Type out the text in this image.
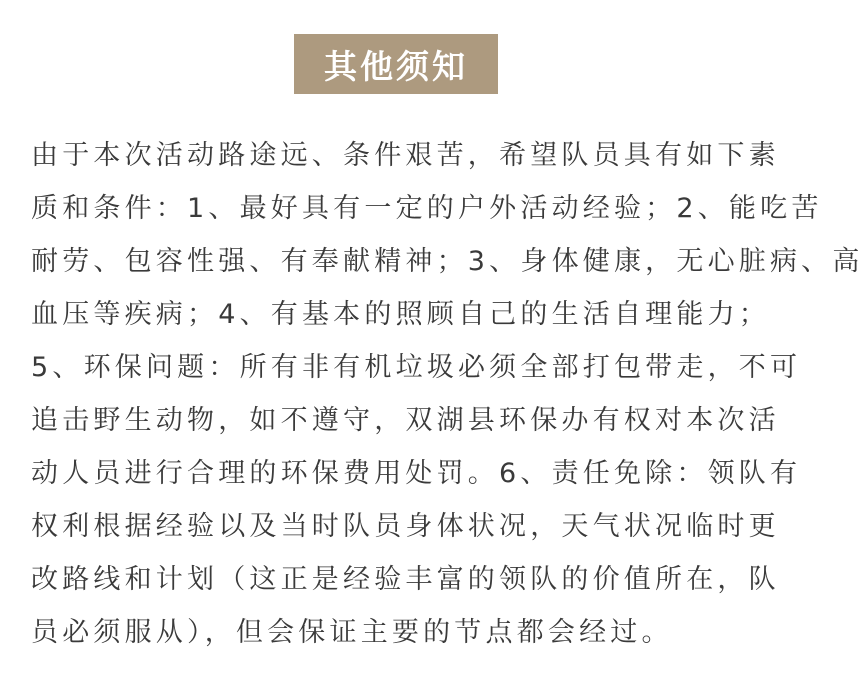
其他须知
由于本次活动路途远、条件艰苦，希望队员具有如下素
质和条件：1、最好具有一定的户外活动经验；2、能吃苦
耐劳、包容性强、有奉献精神；3、身体健康，无心脏病、高
血压等疾病；4、有基本的照顾自己的生活自理能力；
5、环保问题：所有非有机垃圾必须全部打包带走，不可
追击野生动物，如不遵守，双湖县环保办有权对本次活
动人员进行合理的环保费用处罚。6、责任免除：领队有
权利根据经验以及当时队员身体状况，天气状况临时更
改路线和计划（这正是经验丰富的领队的价值所在，队
员必须服从），但会保证主要的节点都会经过。
